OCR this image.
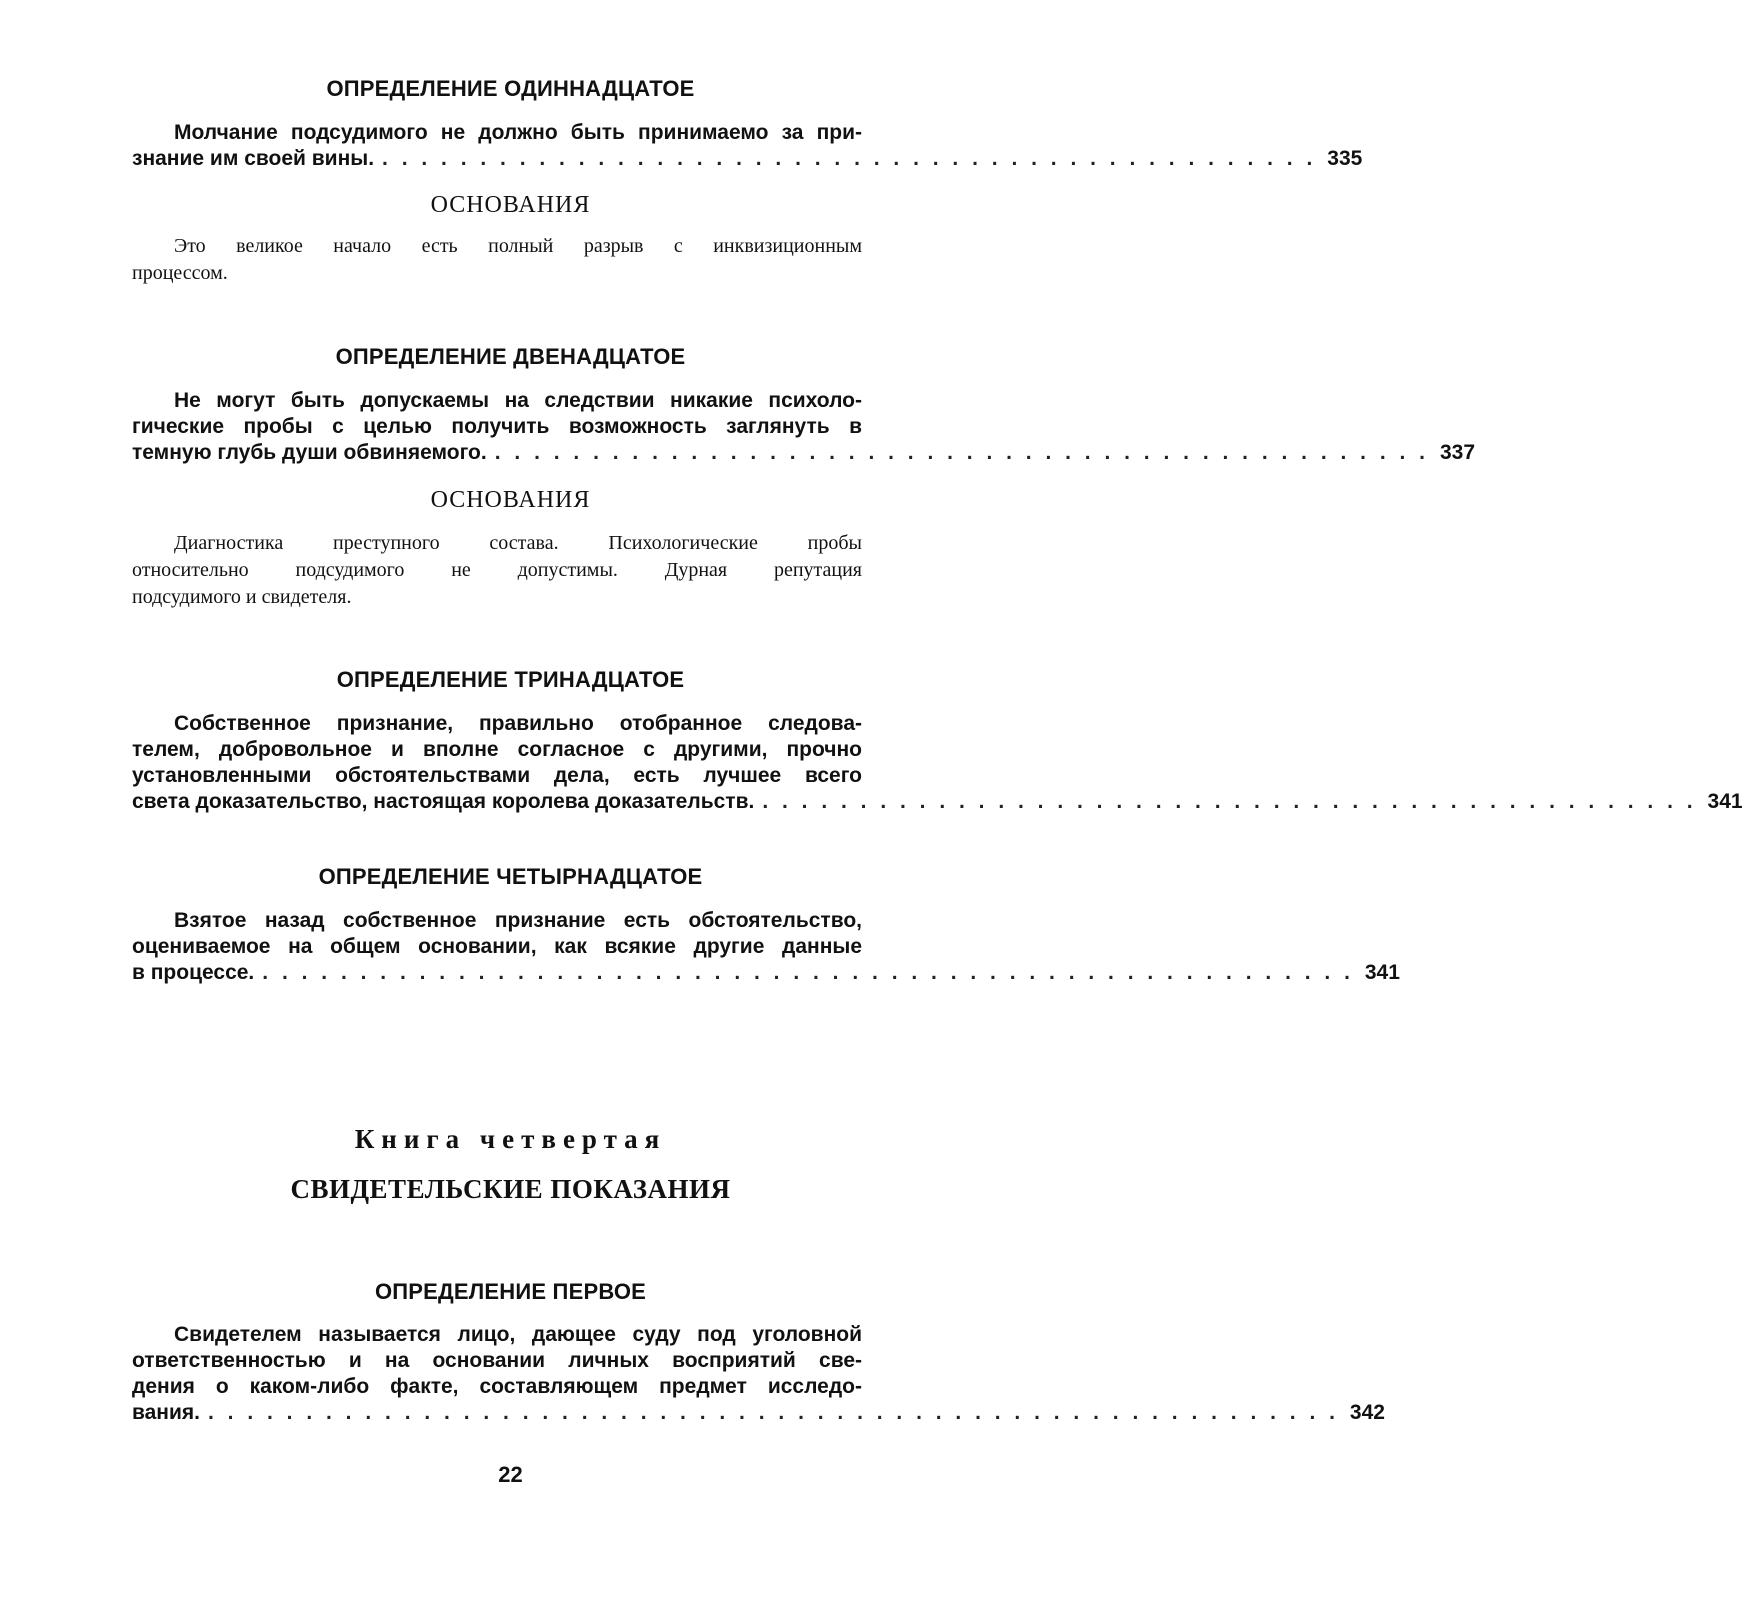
ОПРЕДЕЛЕНИЕ ОДИННАДЦАТОЕ
Молчание подсудимого не должно быть принимаемо за при-
знание им своей вины. . . . . . . . . . . . . . . . . . . . . . . . . . . . . . . . . . . . . . . . . . . . . . . . . 335
ОСНОВАНИЯ
Это великое начало есть полный разрыв с инквизиционным
процессом.
ОПРЕДЕЛЕНИЕ ДВЕНАДЦАТОЕ
Не могут быть допускаемы на следствии никакие психоло-
гические пробы с целью получить возможность заглянуть в
темную глубь души обвиняемого. . . . . . . . . . . . . . . . . . . . . . . . . . . . . . . . . . . . . . . . . . . . . . . . . 337
ОСНОВАНИЯ
Диагностика преступного состава. Психологические пробы
относительно подсудимого не допустимы. Дурная репутация
подсудимого и свидетеля.
ОПРЕДЕЛЕНИЕ ТРИНАДЦАТОЕ
Собственное признание, правильно отобранное следова-
телем, добровольное и вполне согласное с другими, прочно
установленными обстоятельствами дела, есть лучшее всего
света доказательство, настоящая королева доказательств. . . . . . . . . . . . . . . . . . . . . . . . . . . . . . . . . . . . . . . . . . . . . . . . . 341
ОПРЕДЕЛЕНИЕ ЧЕТЫРНАДЦАТОЕ
Взятое назад собственное признание есть обстоятельство,
оцениваемое на общем основании, как всякие другие данные
в процессе. . . . . . . . . . . . . . . . . . . . . . . . . . . . . . . . . . . . . . . . . . . . . . . . . . . . . . . . . 341
Книга четвертая
СВИДЕТЕЛЬСКИЕ ПОКАЗАНИЯ
ОПРЕДЕЛЕНИЕ ПЕРВОЕ
Свидетелем называется лицо, дающее суду под уголовной
ответственностью и на основании личных восприятий све-
дения о каком-либо факте, составляющем предмет исследо-
вания. . . . . . . . . . . . . . . . . . . . . . . . . . . . . . . . . . . . . . . . . . . . . . . . . . . . . . . . . . . 342
22
